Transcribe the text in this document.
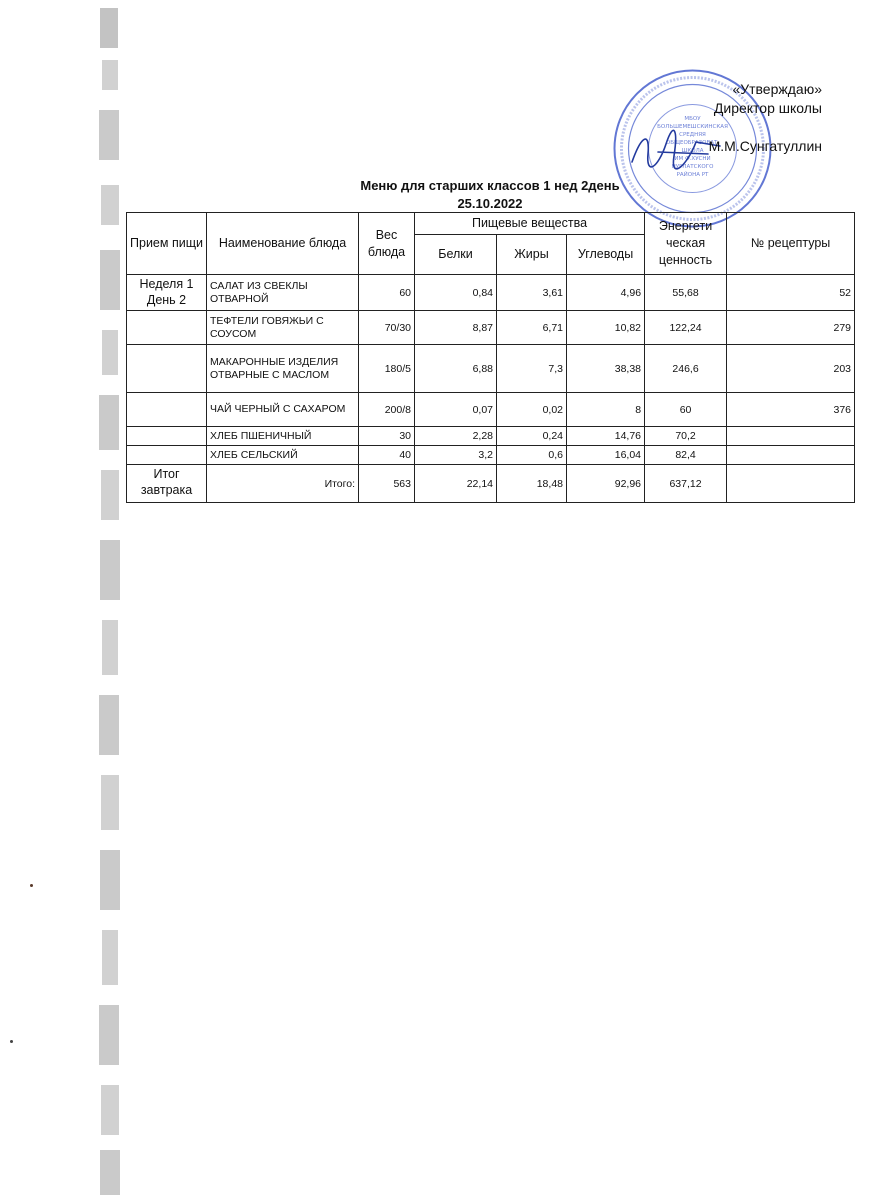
МБОУ
БОЛЬШЕМЕШСКИНСКАЯ
СРЕДНЯЯ
ОБЩЕОБРАЗОВАТ.
ШКОЛА
ИМ Ф.ХУСНИ
НУРЛАТСКОГО
РАЙОНА РТ
«Утверждаю»
Директор школы
М.М.Сунгатуллин
Меню для старших классов 1 нед 2день
25.10.2022
Прием пищи	Наименование блюда	Вес блюда	Пищевые вещества			Энергети ческая ценность	№ рецептуры
			Белки	Жиры	Углеводы		
Неделя 1 День 2	САЛАТ ИЗ СВЕКЛЫ ОТВАРНОЙ	60	0,84	3,61	4,96	55,68	52
	ТЕФТЕЛИ ГОВЯЖЬИ С СОУСОМ	70/30	8,87	6,71	10,82	122,24	279
	МАКАРОННЫЕ ИЗДЕЛИЯ ОТВАРНЫЕ С МАСЛОМ	180/5	6,88	7,3	38,38	246,6	203
	ЧАЙ ЧЕРНЫЙ С САХАРОМ	200/8	0,07	0,02	8	60	376
	ХЛЕБ ПШЕНИЧНЫЙ	30	2,28	0,24	14,76	70,2	
	ХЛЕБ СЕЛЬСКИЙ	40	3,2	0,6	16,04	82,4	
Итог завтрака	Итого:	563	22,14	18,48	92,96	637,12	
